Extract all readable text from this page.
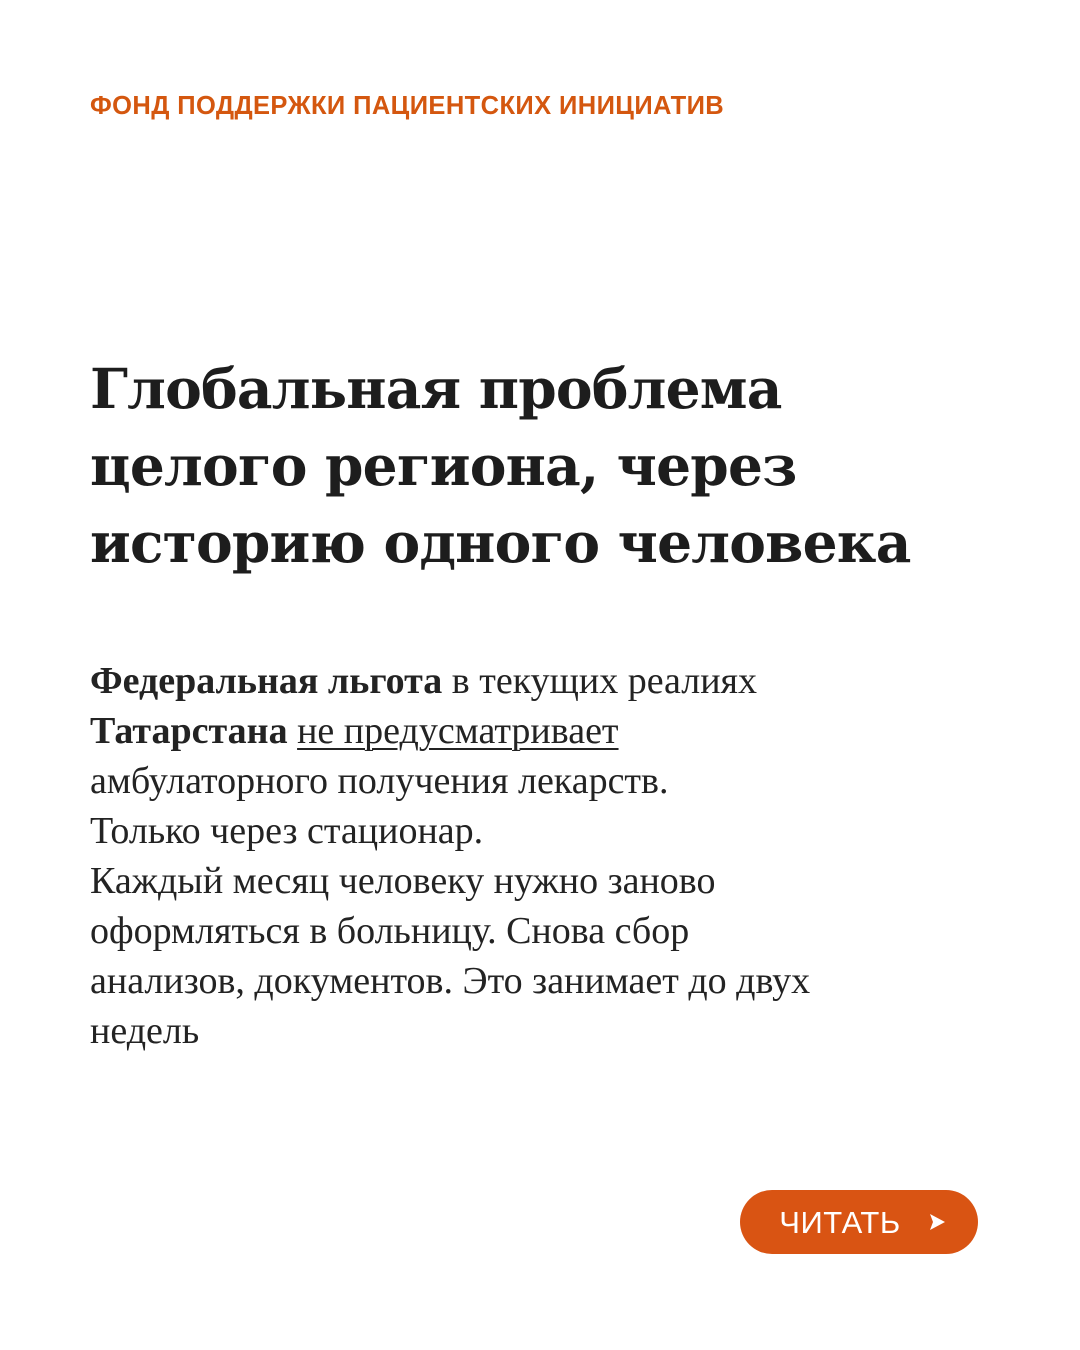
ФОНД ПОДДЕРЖКИ ПАЦИЕНТСКИХ ИНИЦИАТИВ
Глобальная проблема
целого региона, через
историю одного человека
Федеральная льгота в текущих реалиях
Татарстана не предусматривает
амбулаторного получения лекарств.
Только через стационар.
Каждый месяц человеку нужно заново
оформляться в больницу. Снова сбор
анализов, документов. Это занимает до двух
недель
ЧИТАТЬ
